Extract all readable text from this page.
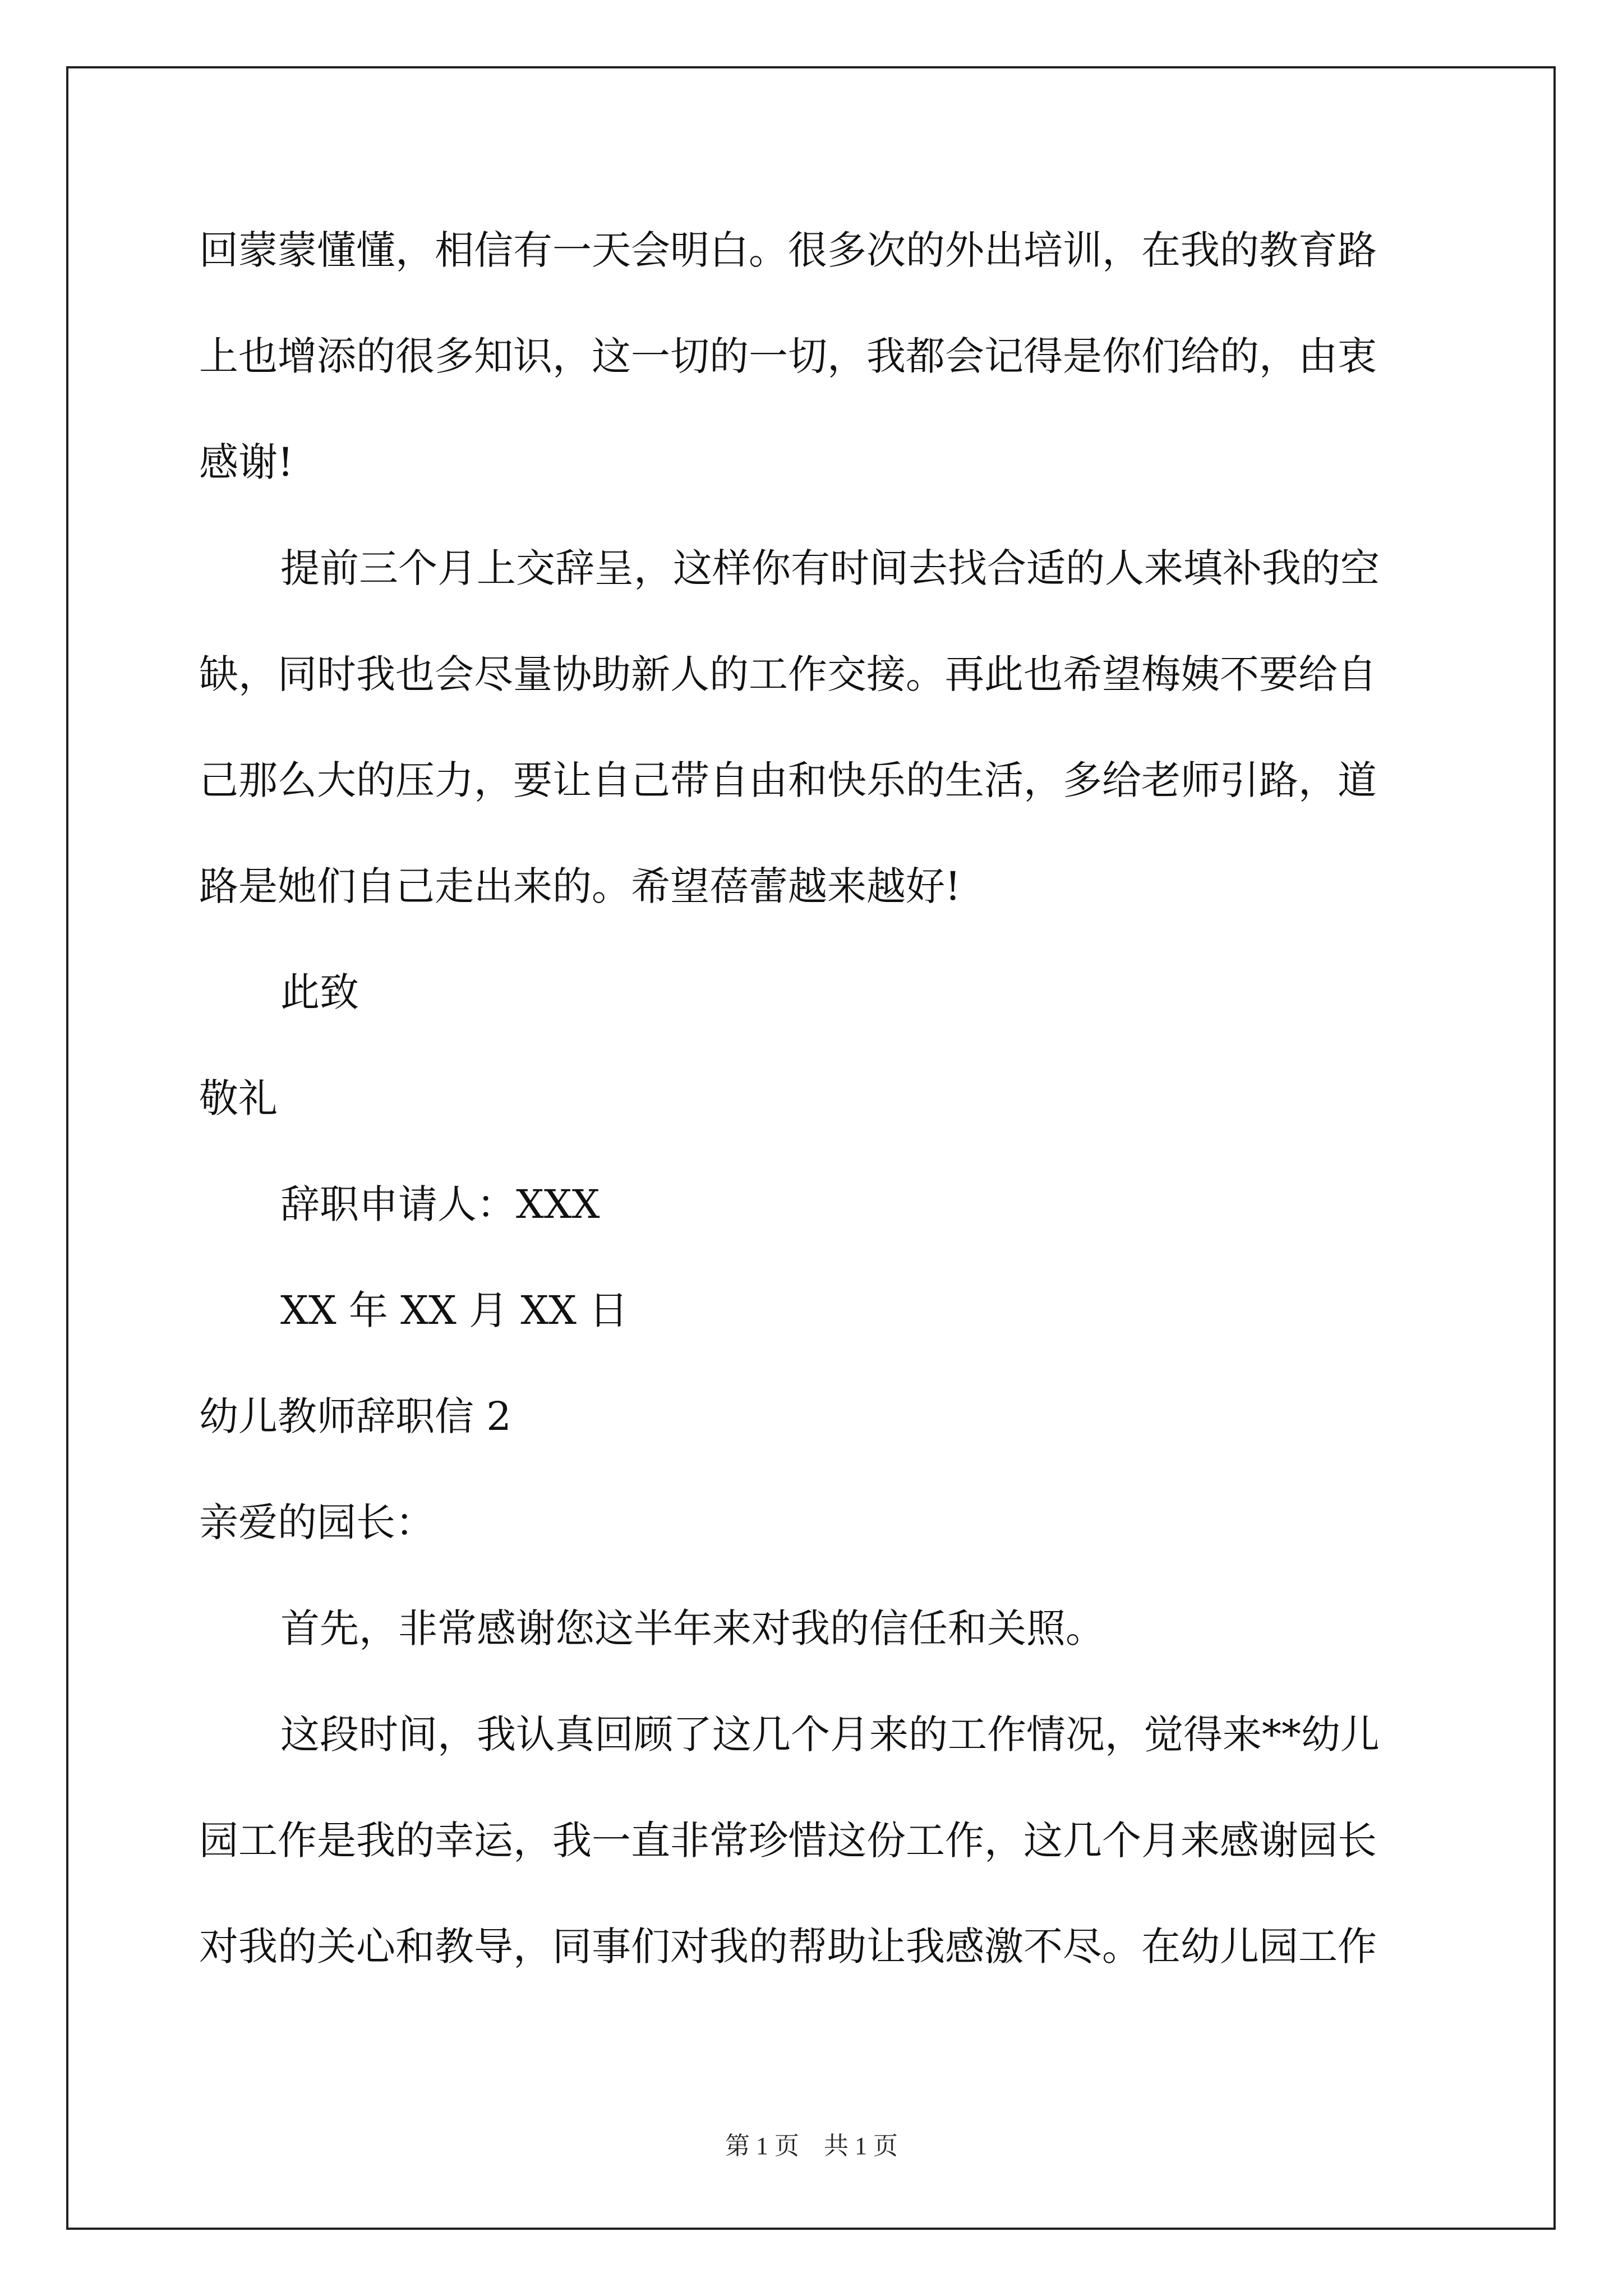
回蒙蒙懂懂，相信有一天会明白。很多次的外出培训，在我的教育路
上也增添的很多知识，这一切的一切，我都会记得是你们给的，由衷
感谢!
提前三个月上交辞呈，这样你有时间去找合适的人来填补我的空
缺，同时我也会尽量协助新人的工作交接。再此也希望梅姨不要给自
己那么大的压力，要让自己带自由和快乐的生活，多给老师引路，道
路是她们自己走出来的。希望蓓蕾越来越好!
此致
敬礼
辞职申请人：XXX
XX 年 XX 月 XX 日
幼儿教师辞职信 2
亲爱的园长：
首先，非常感谢您这半年来对我的信任和关照。
这段时间，我认真回顾了这几个月来的工作情况，觉得来**幼儿
园工作是我的幸运，我一直非常珍惜这份工作，这几个月来感谢园长
对我的关心和教导，同事们对我的帮助让我感激不尽。在幼儿园工作
第 1 页　共 1 页
